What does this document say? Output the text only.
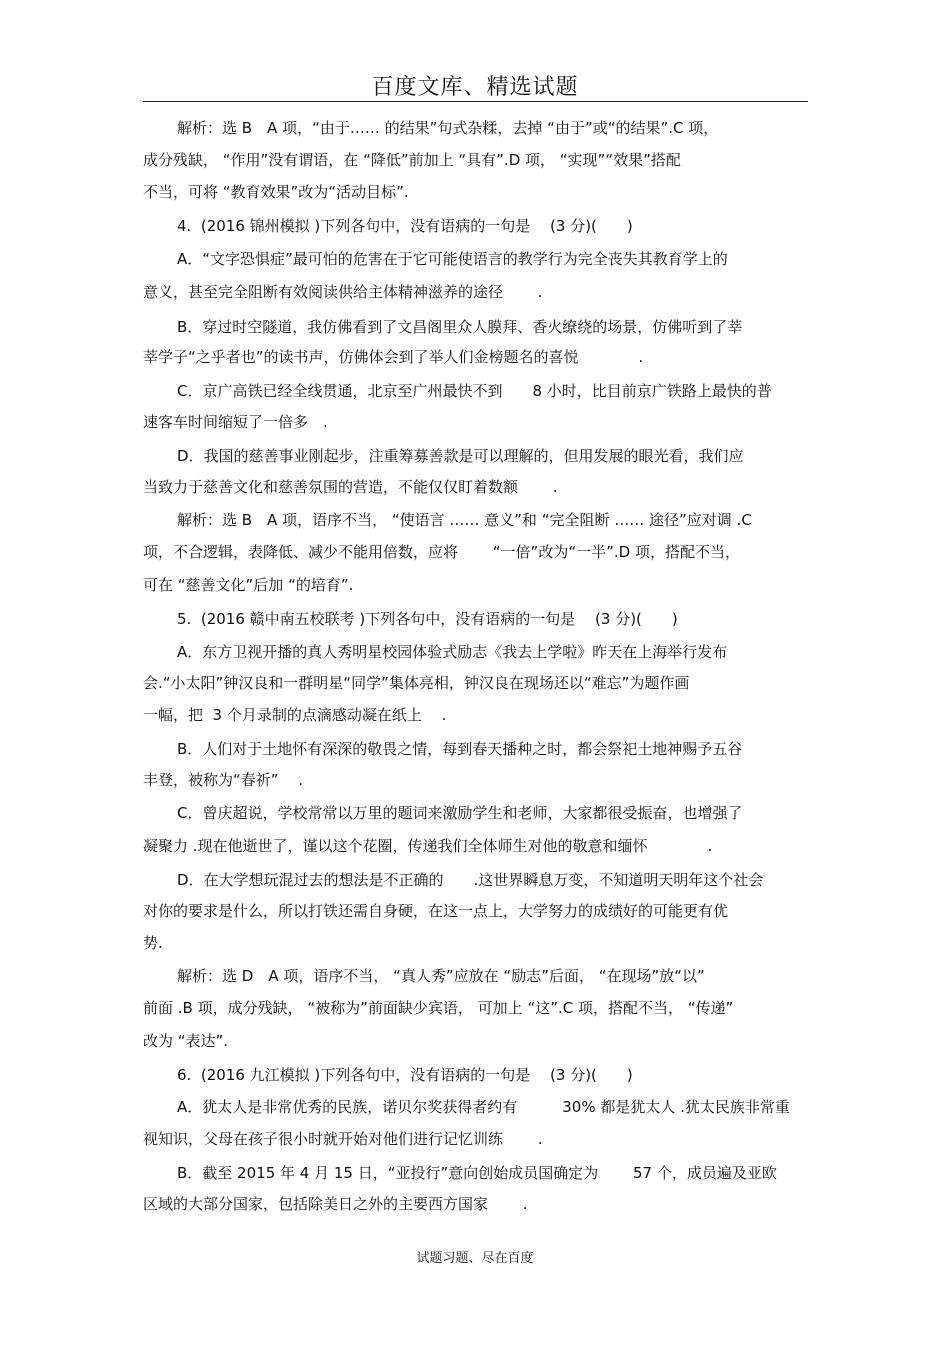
百度文库、精选试题
解析：选 B　A 项，“由于…… 的结果”句式杂糅，去掉 “由于”或“的结果”.C 项，
成分残缺， “作用”没有谓语，在 “降低”前加上 “具有”.D 项， “实现”“效果”搭配
不当，可将 “教育效果”改为“活动目标”.
4.  (2016 锦州模拟 )下列各句中，没有语病的一句是　 (3 分)(　　)
A．“文字恐惧症”最可怕的危害在于它可能使语言的教学行为完全丧失其教育学上的
意义，甚至完全阻断有效阅读供给主体精神滋养的途径　　 .
B．穿过时空隧道，我仿佛看到了文昌阁里众人膜拜、香火缭绕的场景，仿佛听到了莘
莘学子“之乎者也”的读书声，仿佛体会到了举人们金榜题名的喜悦　　　　.
C．京广高铁已经全线贯通，北京至广州最快不到　　8 小时，比目前京广铁路上最快的普
速客车时间缩短了一倍多　.
D．我国的慈善事业刚起步，注重筹募善款是可以理解的，但用发展的眼光看，我们应
当致力于慈善文化和慈善氛围的营造，不能仅仅盯着数额　　 .
解析：选 B　A 项，语序不当， “使语言 …… 意义”和 “完全阻断 …… 途径”应对调 .C
项，不合逻辑，表降低、减少不能用倍数，应将　　 “一倍”改为“一半”.D 项，搭配不当，
可在 “慈善文化”后加 “的培育”.
5.  (2016 赣中南五校联考 )下列各句中，没有语病的一句是　 (3 分)(　　)
A．东方卫视开播的真人秀明星校园体验式励志《我去上学啦》昨天在上海举行发布
会.“小太阳”钟汉良和一群明星“同学”集体亮相，钟汉良在现场还以“难忘”为题作画
一幅，把  3 个月录制的点滴感动凝在纸上　 .
B．人们对于土地怀有深深的敬畏之情，每到春天播种之时，都会祭祀土地神赐予五谷
丰登，被称为“春祈”　 .
C．曾庆超说，学校常常以万里的题词来激励学生和老师，大家都很受振奋，也增强了
凝聚力 .现在他逝世了，谨以这个花圈，传递我们全体师生对他的敬意和缅怀　　　　.
D．在大学想玩混过去的想法是不正确的　　.这世界瞬息万变，不知道明天明年这个社会
对你的要求是什么，所以打铁还需自身硬，在这一点上，大学努力的成绩好的可能更有优
势.
解析：选 D　A 项，语序不当， “真人秀”应放在 “励志”后面， “在现场”放“以”
前面 .B 项，成分残缺， “被称为”前面缺少宾语， 可加上 “这”.C 项，搭配不当， “传递”
改为 “表达”.
6.  (2016 九江模拟 )下列各句中，没有语病的一句是　 (3 分)(　　)
A．犹太人是非常优秀的民族，诺贝尔奖获得者约有　　　30% 都是犹太人 .犹太民族非常重
视知识，父母在孩子很小时就开始对他们进行记忆训练　　 .
B．截至 2015 年 4 月 15 日，“亚投行”意向创始成员国确定为　　 57 个，成员遍及亚欧
区域的大部分国家，包括除美日之外的主要西方国家　　 .
试题习题、尽在百度
